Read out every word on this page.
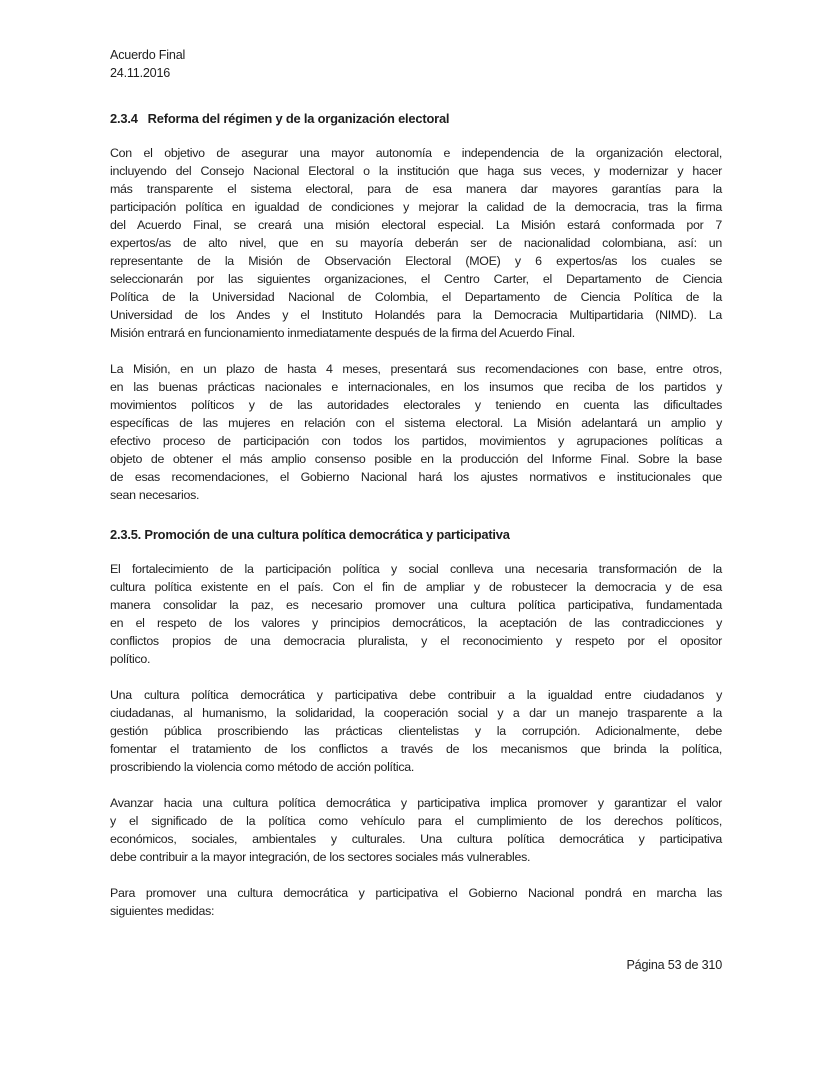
Acuerdo Final
24.11.2016
2.3.4 Reforma del régimen y de la organización electoral
Con el objetivo de asegurar una mayor autonomía e independencia de la organización electoral,
incluyendo del Consejo Nacional Electoral o la institución que haga sus veces, y modernizar y hacer
más transparente el sistema electoral, para de esa manera dar mayores garantías para la
participación política en igualdad de condiciones y mejorar la calidad de la democracia, tras la firma
del Acuerdo Final, se creará una misión electoral especial. La Misión estará conformada por 7
expertos/as de alto nivel, que en su mayoría deberán ser de nacionalidad colombiana, así: un
representante de la Misión de Observación Electoral (MOE) y 6 expertos/as los cuales se
seleccionarán por las siguientes organizaciones, el Centro Carter, el Departamento de Ciencia
Política de la Universidad Nacional de Colombia, el Departamento de Ciencia Política de la
Universidad de los Andes y el Instituto Holandés para la Democracia Multipartidaria (NIMD). La
Misión entrará en funcionamiento inmediatamente después de la firma del Acuerdo Final.
La Misión, en un plazo de hasta 4 meses, presentará sus recomendaciones con base, entre otros,
en las buenas prácticas nacionales e internacionales, en los insumos que reciba de los partidos y
movimientos políticos y de las autoridades electorales y teniendo en cuenta las dificultades
específicas de las mujeres en relación con el sistema electoral. La Misión adelantará un amplio y
efectivo proceso de participación con todos los partidos, movimientos y agrupaciones políticas a
objeto de obtener el más amplio consenso posible en la producción del Informe Final. Sobre la base
de esas recomendaciones, el Gobierno Nacional hará los ajustes normativos e institucionales que
sean necesarios.
2.3.5. Promoción de una cultura política democrática y participativa
El fortalecimiento de la participación política y social conlleva una necesaria transformación de la
cultura política existente en el país. Con el fin de ampliar y de robustecer la democracia y de esa
manera consolidar la paz, es necesario promover una cultura política participativa, fundamentada
en el respeto de los valores y principios democráticos, la aceptación de las contradicciones y
conflictos propios de una democracia pluralista, y el reconocimiento y respeto por el opositor
político.
Una cultura política democrática y participativa debe contribuir a la igualdad entre ciudadanos y
ciudadanas, al humanismo, la solidaridad, la cooperación social y a dar un manejo trasparente a la
gestión pública proscribiendo las prácticas clientelistas y la corrupción. Adicionalmente, debe
fomentar el tratamiento de los conflictos a través de los mecanismos que brinda la política,
proscribiendo la violencia como método de acción política.
Avanzar hacia una cultura política democrática y participativa implica promover y garantizar el valor
y el significado de la política como vehículo para el cumplimiento de los derechos políticos,
económicos, sociales, ambientales y culturales. Una cultura política democrática y participativa
debe contribuir a la mayor integración, de los sectores sociales más vulnerables.
Para promover una cultura democrática y participativa el Gobierno Nacional pondrá en marcha las
siguientes medidas:
Página 53 de 310
